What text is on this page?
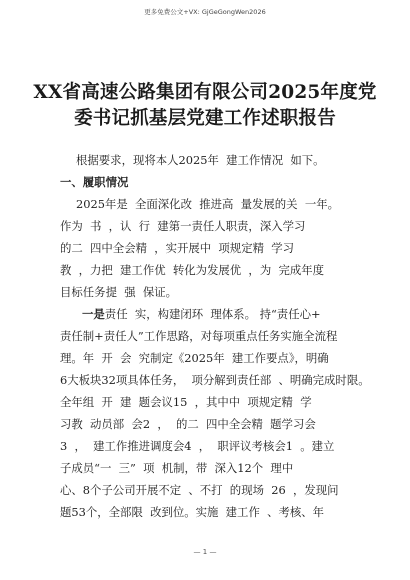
更多免费公文+VX: GjGeGongWen2026
XX省高速公路集团有限公司2025年度党
委书记抓基层党建工作述职报告
根据要求，现将本人2025年  建工作情况  如下。
一、履职情况
2025年是  全面深化改  推进高  量发展的关  一年。
作为  书  ，认  行  建第一责任人职责，深入学习
的二  四中全会精  ，实开展中  项规定精  学习
教  ，力把  建工作优  转化为发展优  ，为  完成年度
目标任务提  强  保证。
一是责任  实，构建闭环  理体系。 持“责任心+
责任制+责任人”工作思路，对每项重点任务实施全流程
理。年  开  会  究制定《2025年  建工作要点》，明确
6大板块32项具体任务，  项分解到责任部  、明确完成时限。
全年组  开  建  题会议15  ，其中中  项规定精  学
习教  动员部  会2  ，  的二  四中全会精  题学习会
3  ，  建工作推进调度会4  ，  职评议考核会1  。建立
子成员“一  三”  项  机制，带  深入12个  理中
心、8个子公司开展不定  、不打  的现场  26  ，发现问
题53个，全部限  改到位。实施  建工作  、考核、年
— 1 —
